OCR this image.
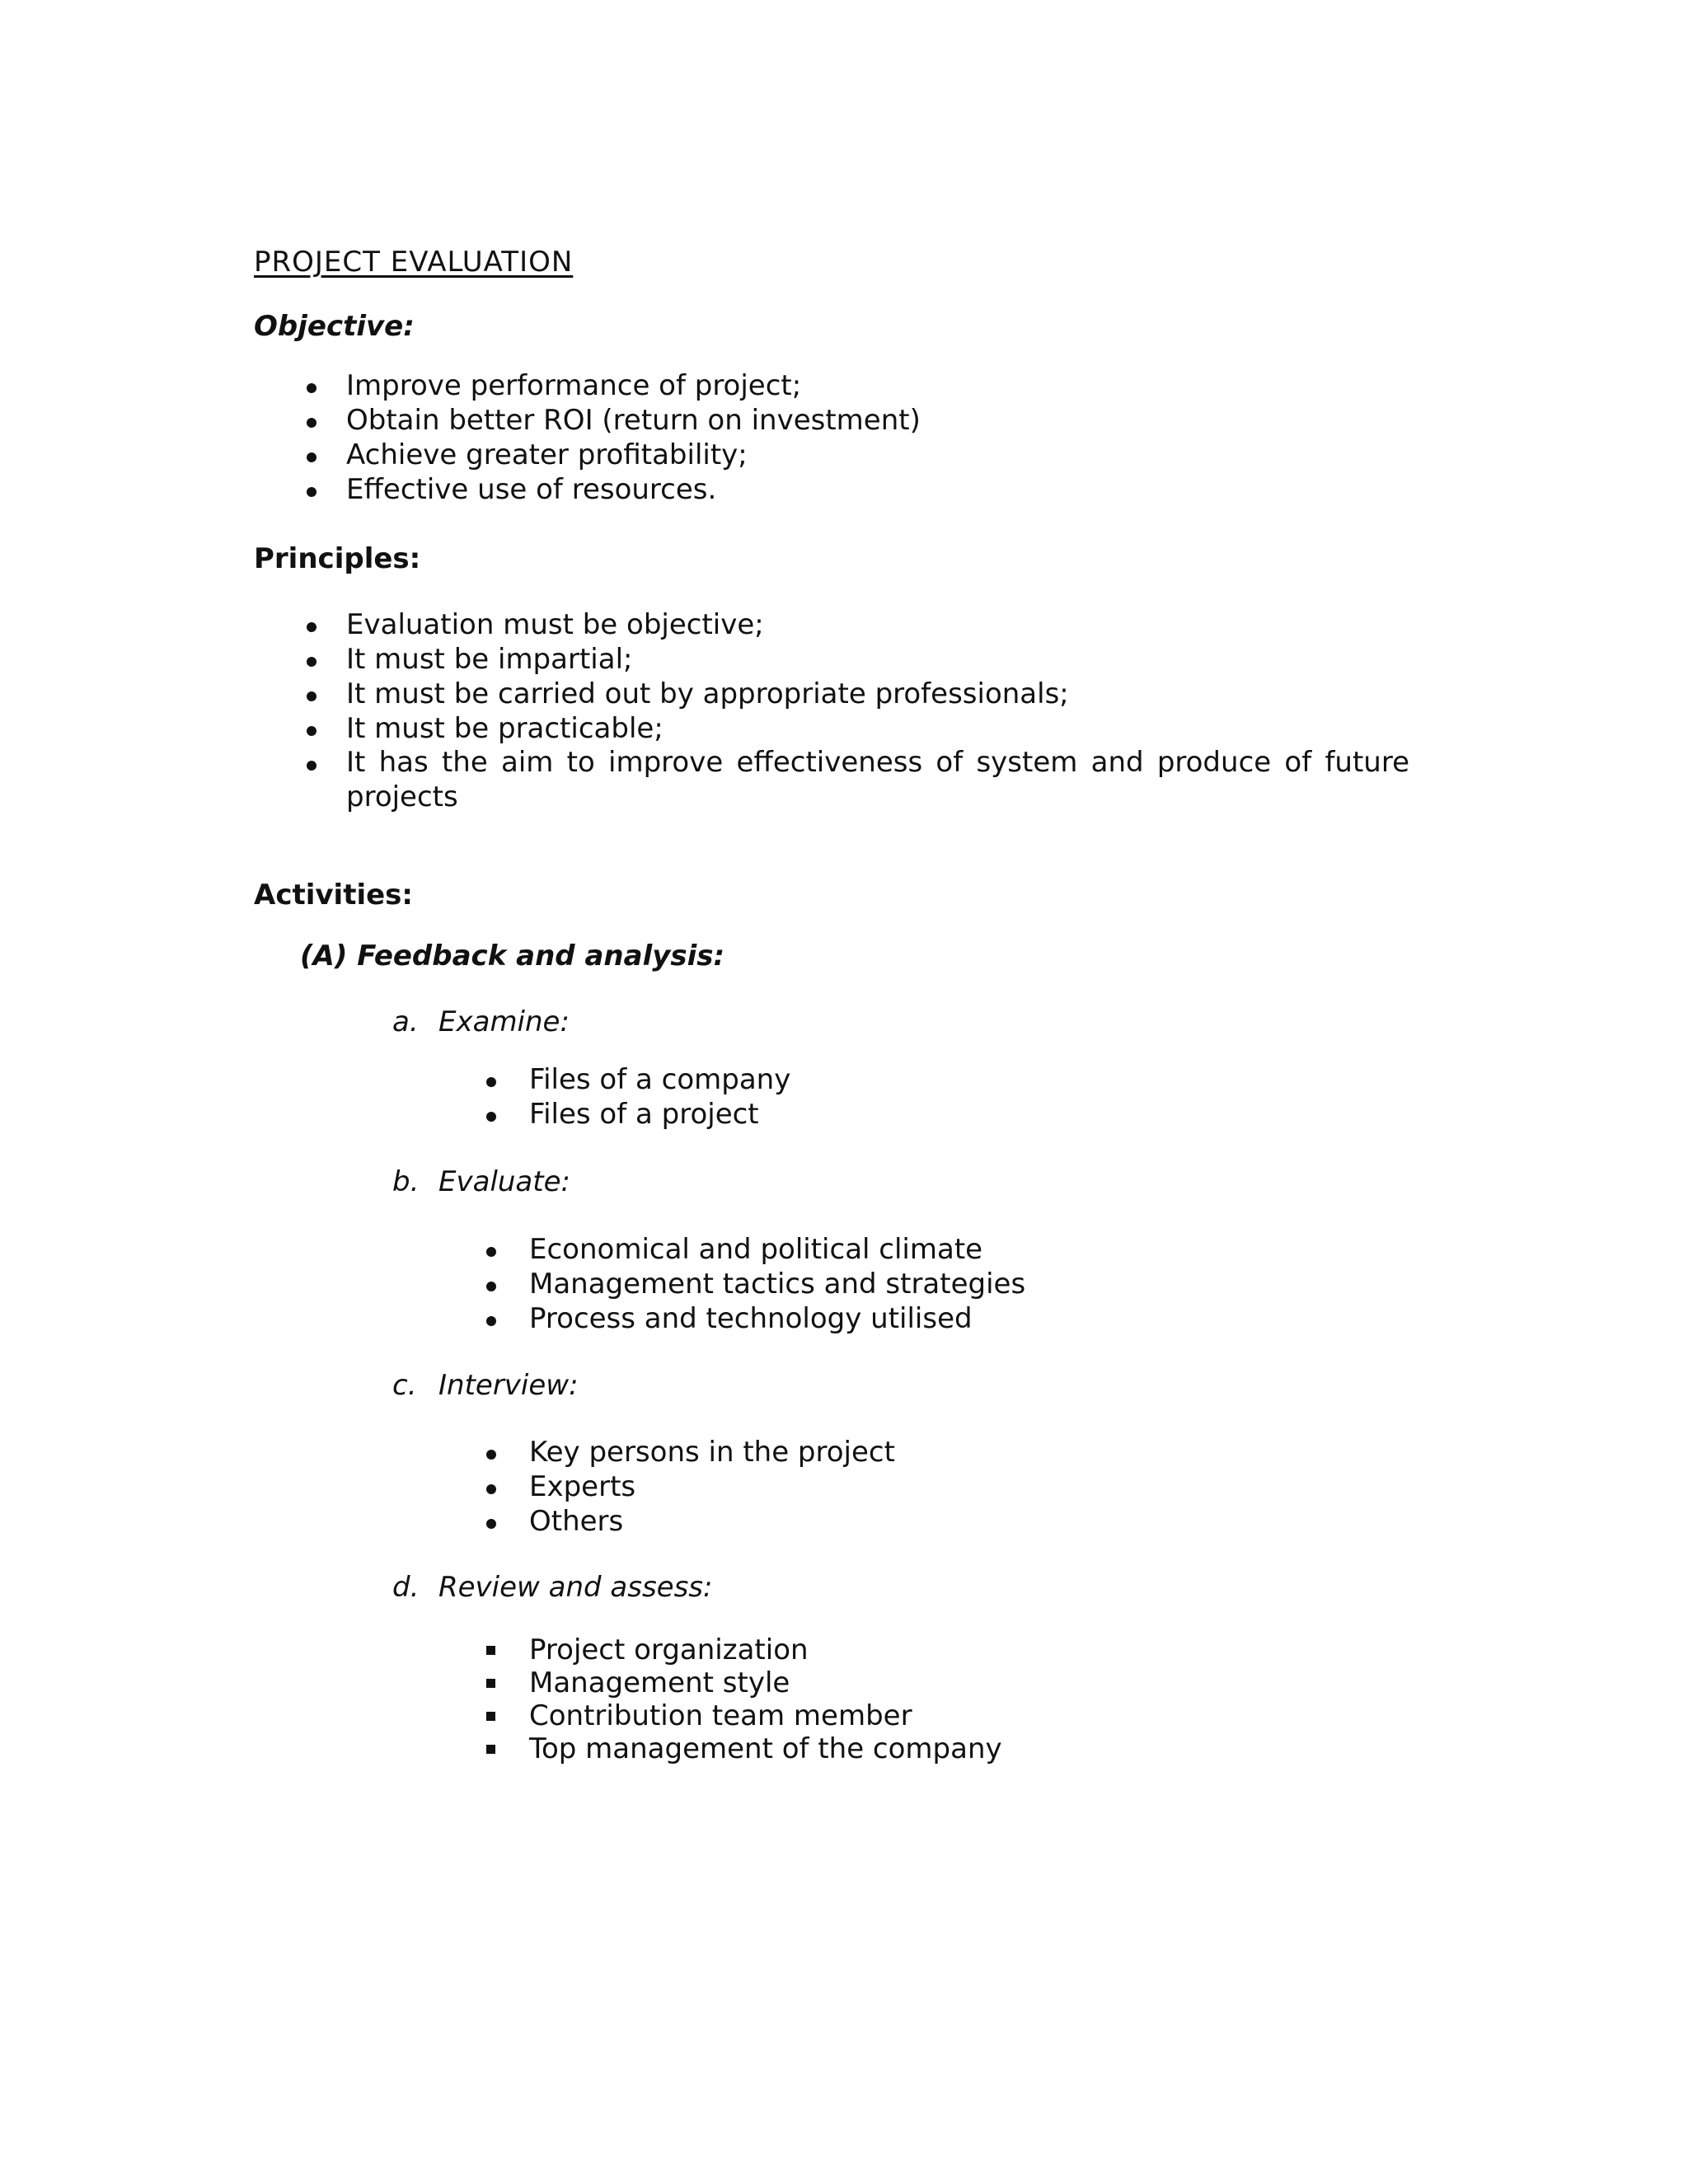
PROJECT EVALUATION
Objective:
Improve performance of project;
Obtain better ROI (return on investment)
Achieve greater profitability;
Effective use of resources.
Principles:
Evaluation must be objective;
It must be impartial;
It must be carried out by appropriate professionals;
It must be practicable;
It has the aim to improve effectiveness of system and produce of future projects
Activities:
(A) Feedback and analysis:
a. Examine:
Files of a company
Files of a project
b. Evaluate:
Economical and political climate
Management tactics and strategies
Process and technology utilised
c. Interview:
Key persons in the project
Experts
Others
d. Review and assess:
Project organization
Management style
Contribution team member
Top management of the company
